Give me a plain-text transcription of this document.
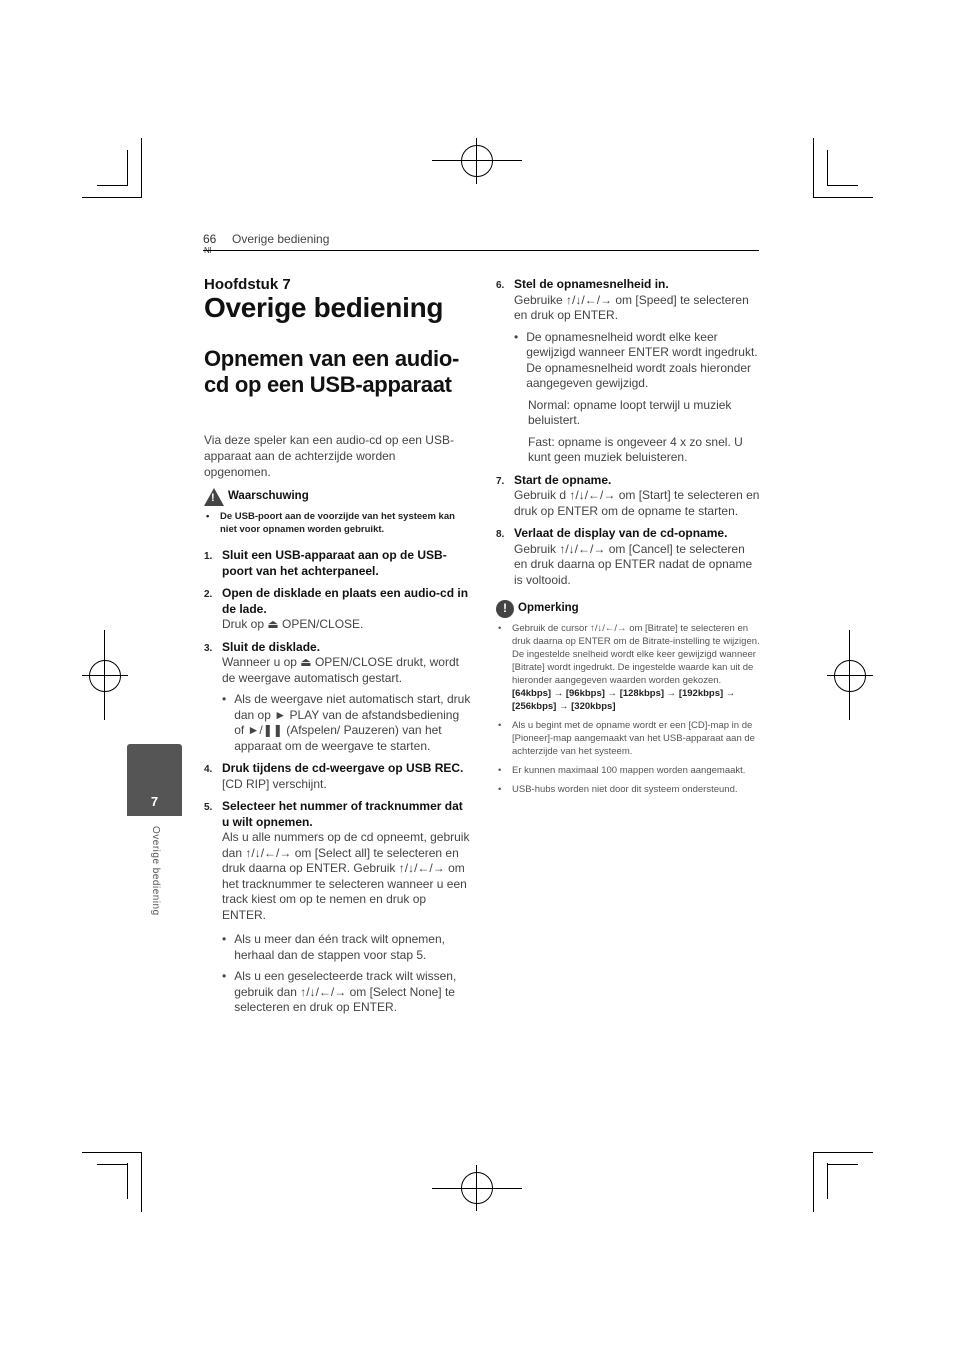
66 Overige bediening
Hoofdstuk 7
Overige bediening
Opnemen van een audio-cd op een USB-apparaat
Via deze speler kan een audio-cd op een USB-apparaat aan de achterzijde worden opgenomen.
!
Waarschuwing
•	De USB-poort aan de voorzijde van het systeem kan niet voor opnamen worden gebruikt.
1. Sluit een USB-apparaat aan op de USB-poort van het achterpaneel.
2. Open de disklade en plaats een audio-cd in de lade.
Druk op ⏏ OPEN/CLOSE.
3. Sluit de disklade.
Wanneer u op ⏏ OPEN/CLOSE drukt, wordt de weergave automatisch gestart.
• Als de weergave niet automatisch start, druk dan op ► PLAY van de afstandsbediening of ►/❚❚ (Afspelen/ Pauzeren) van het apparaat om de weergave te starten.
4. Druk tijdens de cd-weergave op USB REC.
[CD RIP] verschijnt.
5. Selecteer het nummer of tracknummer dat u wilt opnemen.
Als u alle nummers op de cd opneemt, gebruik dan ↑/↓/←/→ om [Select all] te selecteren en druk daarna op ENTER. Gebruik ↑/↓/←/→ om het tracknummer te selecteren wanneer u een track kiest om op te nemen en druk op ENTER.
• Als u meer dan één track wilt opnemen, herhaal dan de stappen voor stap 5.
• Als u een geselecteerde track wilt wissen, gebruik dan ↑/↓/←/→ om [Select None] te selecteren en druk op ENTER.
6. Stel de opnamesnelheid in.
Gebruike ↑/↓/←/→ om [Speed] te selecteren en druk op ENTER.
• De opnamesnelheid wordt elke keer gewijzigd wanneer ENTER wordt ingedrukt. De opnamesnelheid wordt zoals hieronder aangegeven gewijzigd.
Normal: opname loopt terwijl u muziek beluistert.
Fast: opname is ongeveer 4 x zo snel. U kunt geen muziek beluisteren.
7. Start de opname.
Gebruik d ↑/↓/←/→ om [Start] te selecteren en druk op ENTER om de opname te starten.
8. Verlaat de display van de cd-opname.
Gebruik ↑/↓/←/→ om [Cancel] te selecteren en druk daarna op ENTER nadat de opname is voltooid.
! Opmerking
•	Gebruik de cursor ↑/↓/←/→ om [Bitrate] te selecteren en druk daarna op ENTER om de Bitrate-instelling te wijzigen. De ingestelde snelheid wordt elke keer gewijzigd wanneer [Bitrate] wordt ingedrukt. De ingestelde waarde kan uit de hieronder aangegeven waarden worden gekozen.
[64kbps] → [96kbps] → [128kbps] → [192kbps] → [256kbps] → [320kbps]
•	Als u begint met de opname wordt er een [CD]-map in de [Pioneer]-map aangemaakt van het USB-apparaat aan de achterzijde van het systeem.
•	Er kunnen maximaal 100 mappen worden aangemaakt.
•	USB-hubs worden niet door dit systeem ondersteund.
7
Overige bediening
